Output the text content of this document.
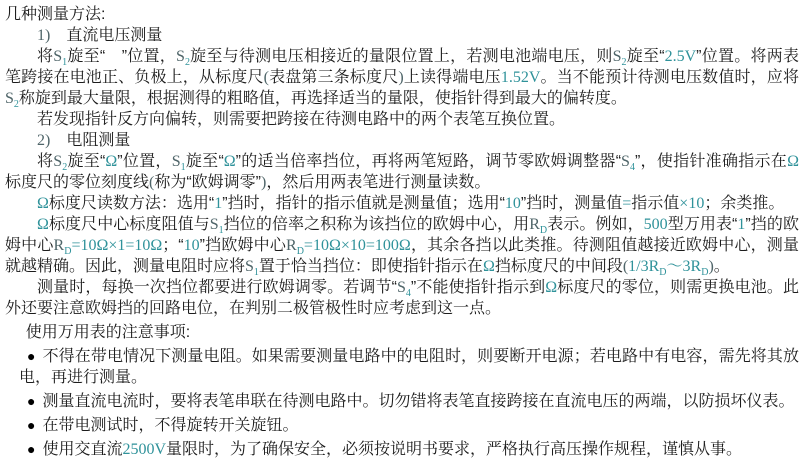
几种测量方法:

1)　直流电压测量

将$S_1$旋至“　”位置，$S_2$旋至与待测电压相接近的量限位置上，若测电池端电压，则$S_2$旋至“2.5V”位置。将两表笔跨接在电池正、负极上，从标度尺(表盘第三条标度尺)上读得端电压1.52V。当不能预计待测电压数值时，应将$S_2$称旋到最大量限，根据测得的粗略值，再选择适当的量限，使指针得到最大的偏转度。

若发现指针反方向偏转，则需要把跨接在待测电路中的两个表笔互换位置。

2)　电阻测量

将$S_2$旋至“Ω”位置，$S_1$旋至“Ω”的适当倍率挡位，再将两笔短路，调节零欧姆调整器“$S_4$”，使指针准确指示在Ω标度尺的零位刻度线(称为“欧姆调零”)，然后用两表笔进行测量读数。

Ω标度尺读数方法：选用“1”挡时，指针的指示值就是测量值；选用“10”挡时，测量值=指示值×10；余类推。

Ω标度尺中心标度阻值与$S_1$挡位的倍率之积称为该挡位的欧姆中心，用$R_D$表示。例如，500型万用表“1”挡的欧姆中心$R_D=10\Omega\times 1=10\Omega$；“10”挡欧姆中心$R_D=10\Omega\times 10=100\Omega$，其余各挡以此类推。待测阻值越接近欧姆中心，测量就越精确。因此，测量电阻时应将$S_1$置于恰当挡位：即使指针指示在Ω挡标度尺的中间段$(1/3R_D\sim 3R_D)$。

测量时，每换一次挡位都要进行欧姆调零。若调节“$S_4$”不能使指针指示到Ω标度尺的零位，则需更换电池。此外还要注意欧姆挡的回路电位，在判别二极管极性时应考虑到这一点。

使用万用表的注意事项:

● 不得在带电情况下测量电阻。如果需要测量电路中的电阻时，则要断开电源；若电路中有电容，需先将其放电，再进行测量。

● 测量直流电流时，要将表笔串联在待测电路中。切勿错将表笔直接跨接在直流电压的两端，以防损坏仪表。

● 在带电测试时，不得旋转开关旋钮。

● 使用交直流2500V量限时，为了确保安全，必须按说明书要求，严格执行高压操作规程，谨慎从事。
